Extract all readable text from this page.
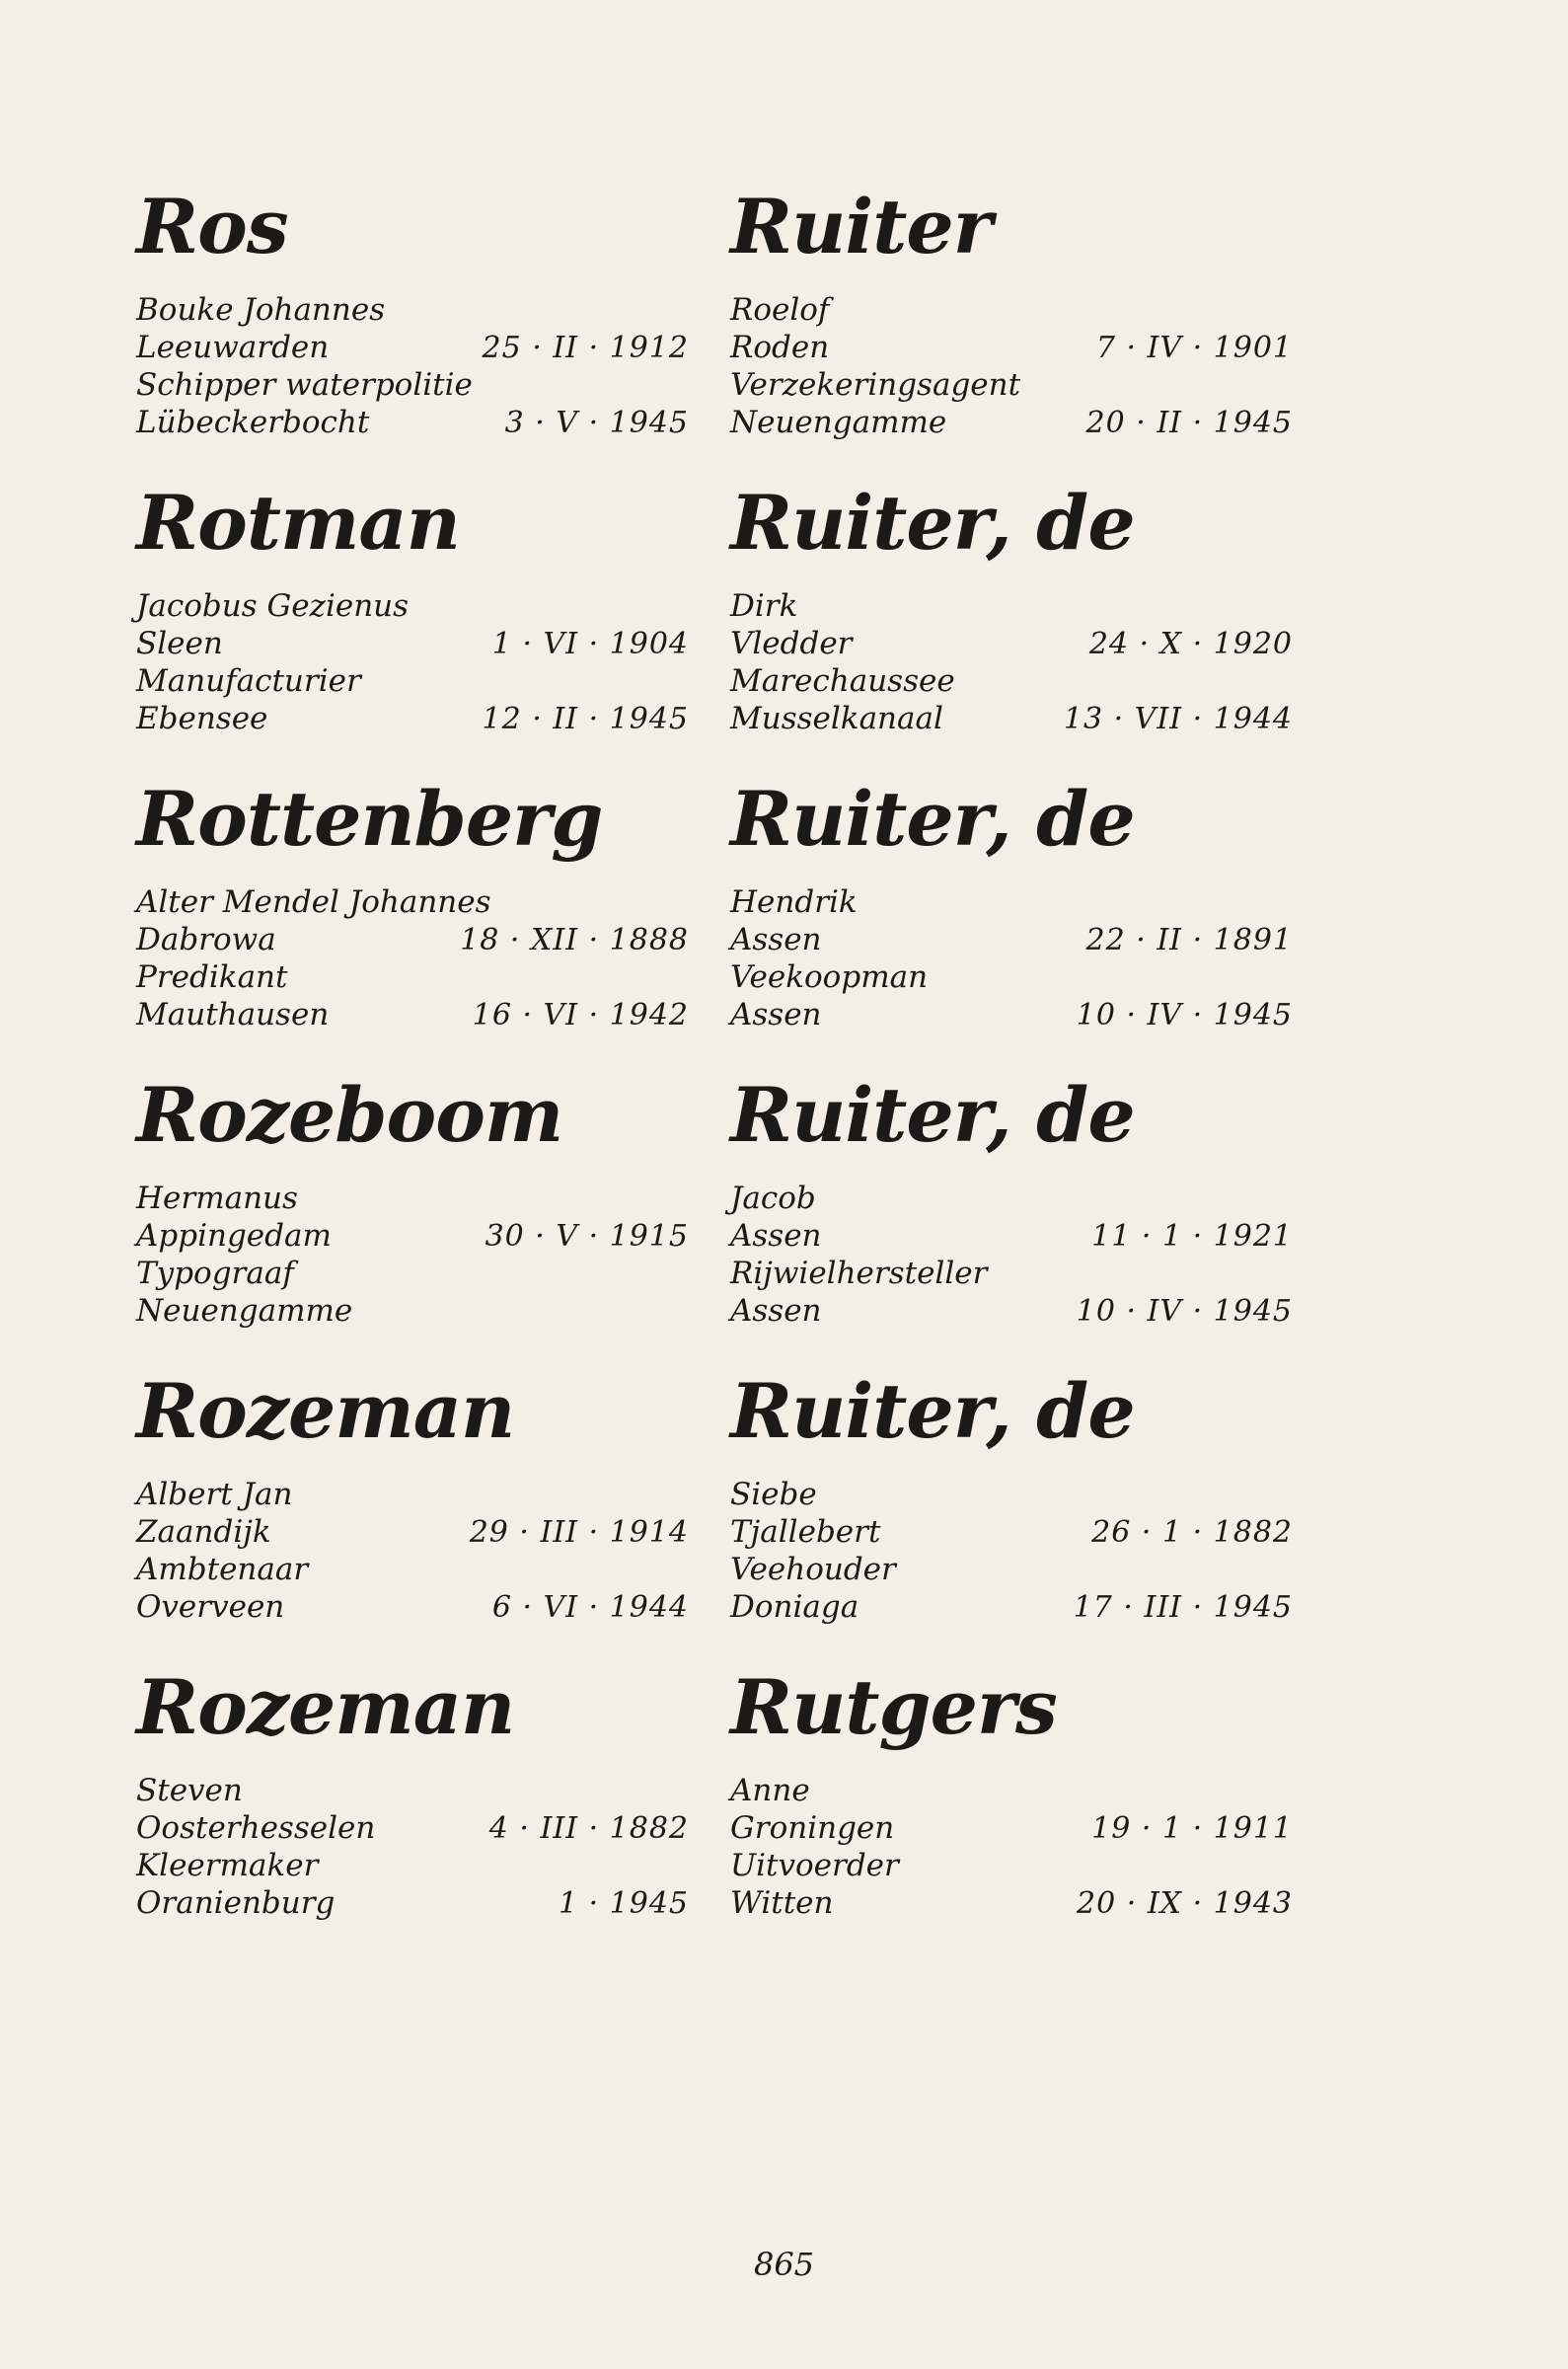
Ros
Bouke Johannes
Leeuwarden	25 · II · 1912
Schipper waterpolitie
Lübeckerbocht	3 · V · 1945
Rotman
Jacobus Gezienus
Sleen	1 · VI · 1904
Manufacturier
Ebensee	12 · II · 1945
Rottenberg
Alter Mendel Johannes
Dabrowa	18 · XII · 1888
Predikant
Mauthausen	16 · VI · 1942
Rozeboom
Hermanus
Appingedam	30 · V · 1915
Typograaf
Neuengamme
Rozeman
Albert Jan
Zaandijk	29 · III · 1914
Ambtenaar
Overveen	6 · VI · 1944
Rozeman
Steven
Oosterhesselen	4 · III · 1882
Kleermaker
Oranienburg	1 · 1945
Ruiter
Roelof
Roden	7 · IV · 1901
Verzekeringsagent
Neuengamme	20 · II · 1945
Ruiter, de
Dirk
Vledder	24 · X · 1920
Marechaussee
Musselkanaal	13 · VII · 1944
Ruiter, de
Hendrik
Assen	22 · II · 1891
Veekoopman
Assen	10 · IV · 1945
Ruiter, de
Jacob
Assen	11 · 1 · 1921
Rijwielhersteller
Assen	10 · IV · 1945
Ruiter, de
Siebe
Tjallebert	26 · 1 · 1882
Veehouder
Doniaga	17 · III · 1945
Rutgers
Anne
Groningen	19 · 1 · 1911
Uitvoerder
Witten	20 · IX · 1943
865
